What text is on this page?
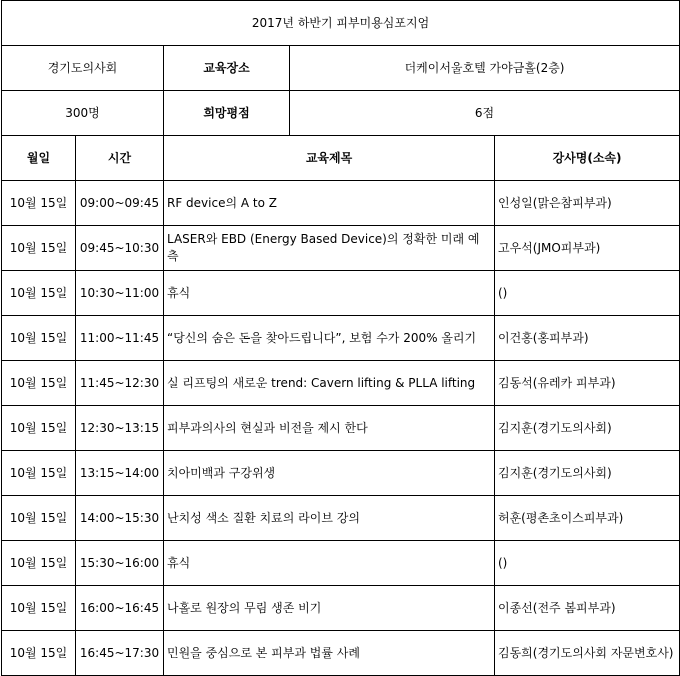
2017년 하반기 피부미용심포지엄				
경기도의사회		교육장소	더케이서울호텔 가야금홀(2층)	
300명		희망평점	6점	
월일	시간	교육제목		강사명(소속)
10월 15일	09:00~09:45	RF device의 A to Z		인성일(맑은참피부과)
10월 15일	09:45~10:30	LASER와 EBD (Energy Based Device)의 정확한 미래 예측		고우석(JMO피부과)
10월 15일	10:30~11:00	휴식		()
10월 15일	11:00~11:45	“당신의 숨은 돈을 찾아드립니다”, 보험 수가 200% 올리기		이건홍(홍피부과)
10월 15일	11:45~12:30	실 리프팅의 새로운 trend: Cavern lifting & PLLA lifting		김동석(유레카 피부과)
10월 15일	12:30~13:15	피부과의사의 현실과 비전을 제시 한다		김지훈(경기도의사회)
10월 15일	13:15~14:00	치아미백과 구강위생		김지훈(경기도의사회)
10월 15일	14:00~15:30	난치성 색소 질환 치료의 라이브 강의		허훈(평촌초이스피부과)
10월 15일	15:30~16:00	휴식		()
10월 15일	16:00~16:45	나홀로 원장의 무림 생존 비기		이종선(전주 봄피부과)
10월 15일	16:45~17:30	민원을 중심으로 본 피부과 법률 사례		김동희(경기도의사회 자문변호사)
